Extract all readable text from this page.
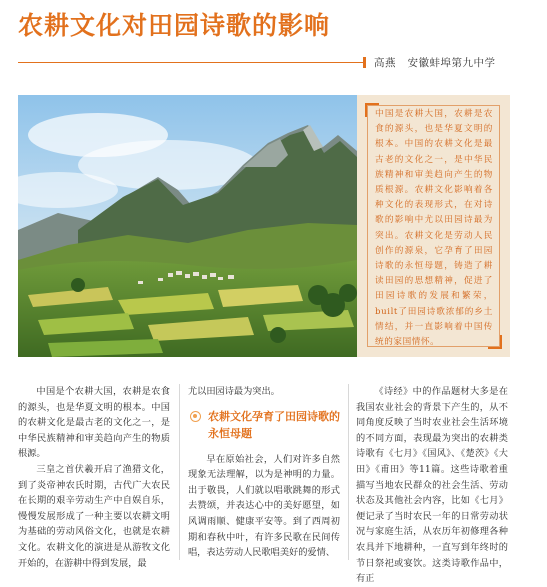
农耕文化对田园诗歌的影响
高燕 安徽蚌埠第九中学
中国是农耕大国，农耕是农食的源头，也是华夏文明的根本。中国的农耕文化是最古老的文化之一，是中华民族精神和审美趋向产生的物质根源。农耕文化影响着各种文化的表现形式，在对诗歌的影响中尤以田园诗最为突出。农耕文化是劳动人民创作的源泉，它孕育了田园诗歌的永恒母题，铸造了耕读田园的思想精神，促进了田园诗歌的发展和繁荣，built了田园诗歌浓郁的乡土情结，并一直影响着中国传统的家国情怀。

中国是个农耕大国，农耕是农食的源头，也是华夏文明的根本。中国的农耕文化是最古老的文化之一，是中华民族精神和审美趋向产生的物质根源。

三皇之首伏羲开启了渔猎文化，到了炎帝神农氏时期，古代广大农民在长期的艰辛劳动生产中自娱自乐，慢慢发展形成了一种主要以农耕文明为基础的劳动风俗文化，也就是农耕文化。农耕文化的演进是从游牧文化开始的，在游耕中得到发展，最

尤以田园诗最为突出。

农耕文化孕育了田园诗歌的永恒母题

早在原始社会，人们对许多自然现象无法理解，以为是神明的力量。出于敬畏，人们就以唱歌跳舞的形式去赞颂，并表达心中的美好愿望，如风调雨顺、健康平安等。到了西周初期和春秋中叶，有许多民歌在民间传唱，表达劳动人民歌唱美好的爱情、

《诗经》中的作品题材大多是在我国农业社会的背景下产生的，从不同角度反映了当时农业社会生活环境的不同方面，表现最为突出的农耕类诗歌有《七月》《国风》、《楚茨》《大田》《甫田》等11篇。这些诗歌着重描写当地农民群众的社会生活、劳动状态及其他社会内容，比如《七月》便记录了当时农民一年的日常劳动状况与家庭生活，从农历年初修理各种农具并下地耕种，一直写到年终时的节日祭祀或宴饮。这类诗歌作品中，有正
